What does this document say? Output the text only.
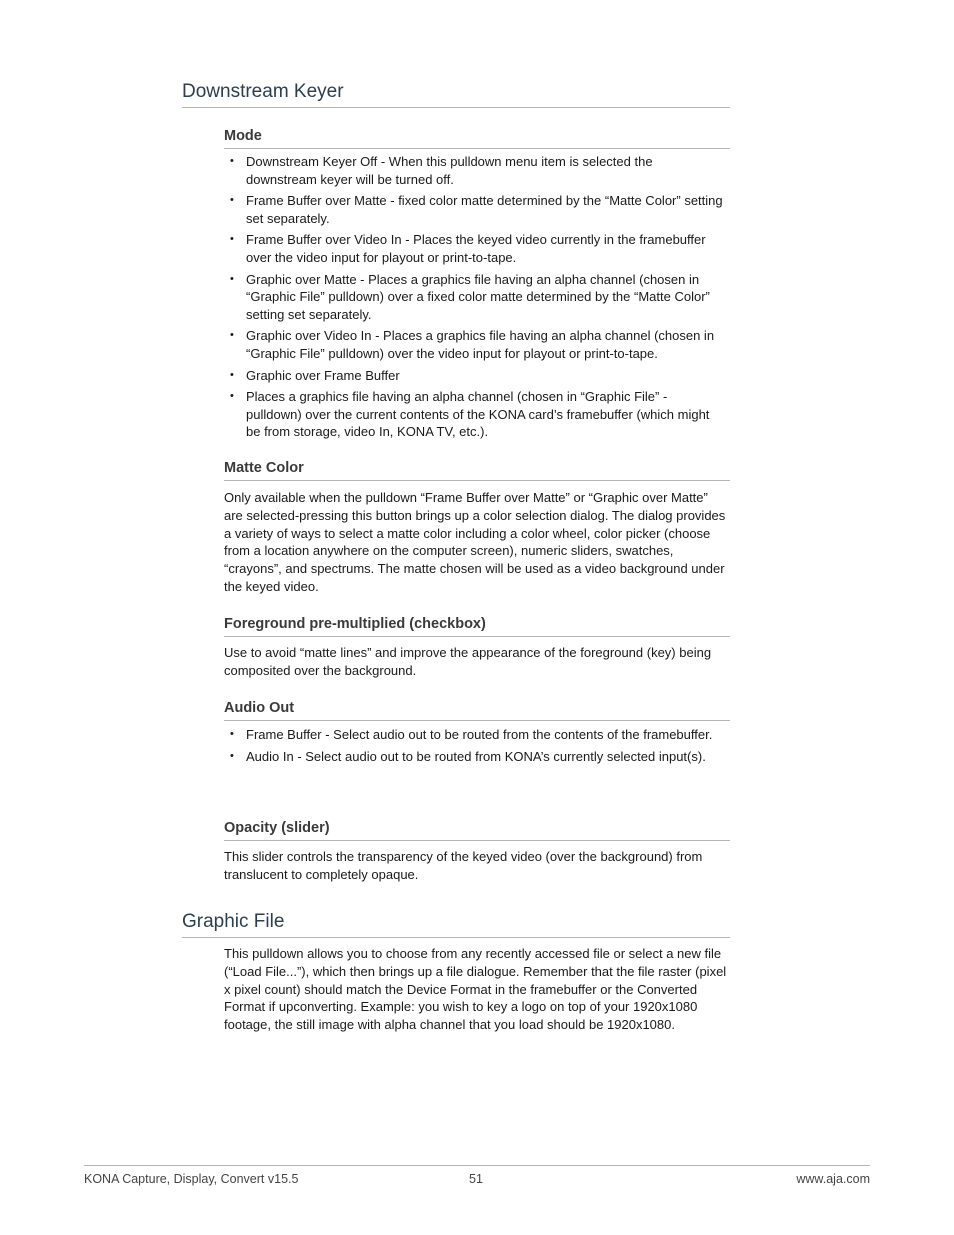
Downstream Keyer
Mode
• Downstream Keyer Off - When this pulldown menu item is selected the downstream keyer will be turned off.
• Frame Buffer over Matte - fixed color matte determined by the “Matte Color” setting set separately.
• Frame Buffer over Video In - Places the keyed video currently in the framebuffer over the video input for playout or print-to-tape.
• Graphic over Matte - Places a graphics file having an alpha channel (chosen in “Graphic File” pulldown) over a fixed color matte determined by the “Matte Color” setting set separately.
• Graphic over Video In - Places a graphics file having an alpha channel (chosen in “Graphic File” pulldown) over the video input for playout or print-to-tape.
• Graphic over Frame Buffer
• Places a graphics file having an alpha channel (chosen in “Graphic File” - pulldown) over the current contents of the KONA card’s framebuffer (which might be from storage, video In, KONA TV, etc.).
Matte Color

Only available when the pulldown “Frame Buffer over Matte” or “Graphic over Matte” are selected-pressing this button brings up a color selection dialog. The dialog provides a variety of ways to select a matte color including a color wheel, color picker (choose from a location anywhere on the computer screen), numeric sliders, swatches, “crayons”, and spectrums. The matte chosen will be used as a video background under the keyed video.

Foreground pre-multiplied (checkbox)

Use to avoid “matte lines” and improve the appearance of the foreground (key) being composited over the background.

Audio Out
• Frame Buffer - Select audio out to be routed from the contents of the framebuffer.
• Audio In - Select audio out to be routed from KONA’s currently selected input(s).
Opacity (slider)

This slider controls the transparency of the keyed video (over the background) from translucent to completely opaque.

Graphic File

This pulldown allows you to choose from any recently accessed file or select a new file (“Load File...”), which then brings up a file dialogue. Remember that the file raster (pixel x pixel count) should match the Device Format in the framebuffer or the Converted Format if upconverting. Example: you wish to key a logo on top of your 1920x1080 footage, the still image with alpha channel that you load should be 1920x1080.

KONA Capture, Display, Convert v15.5	51	www.aja.com
